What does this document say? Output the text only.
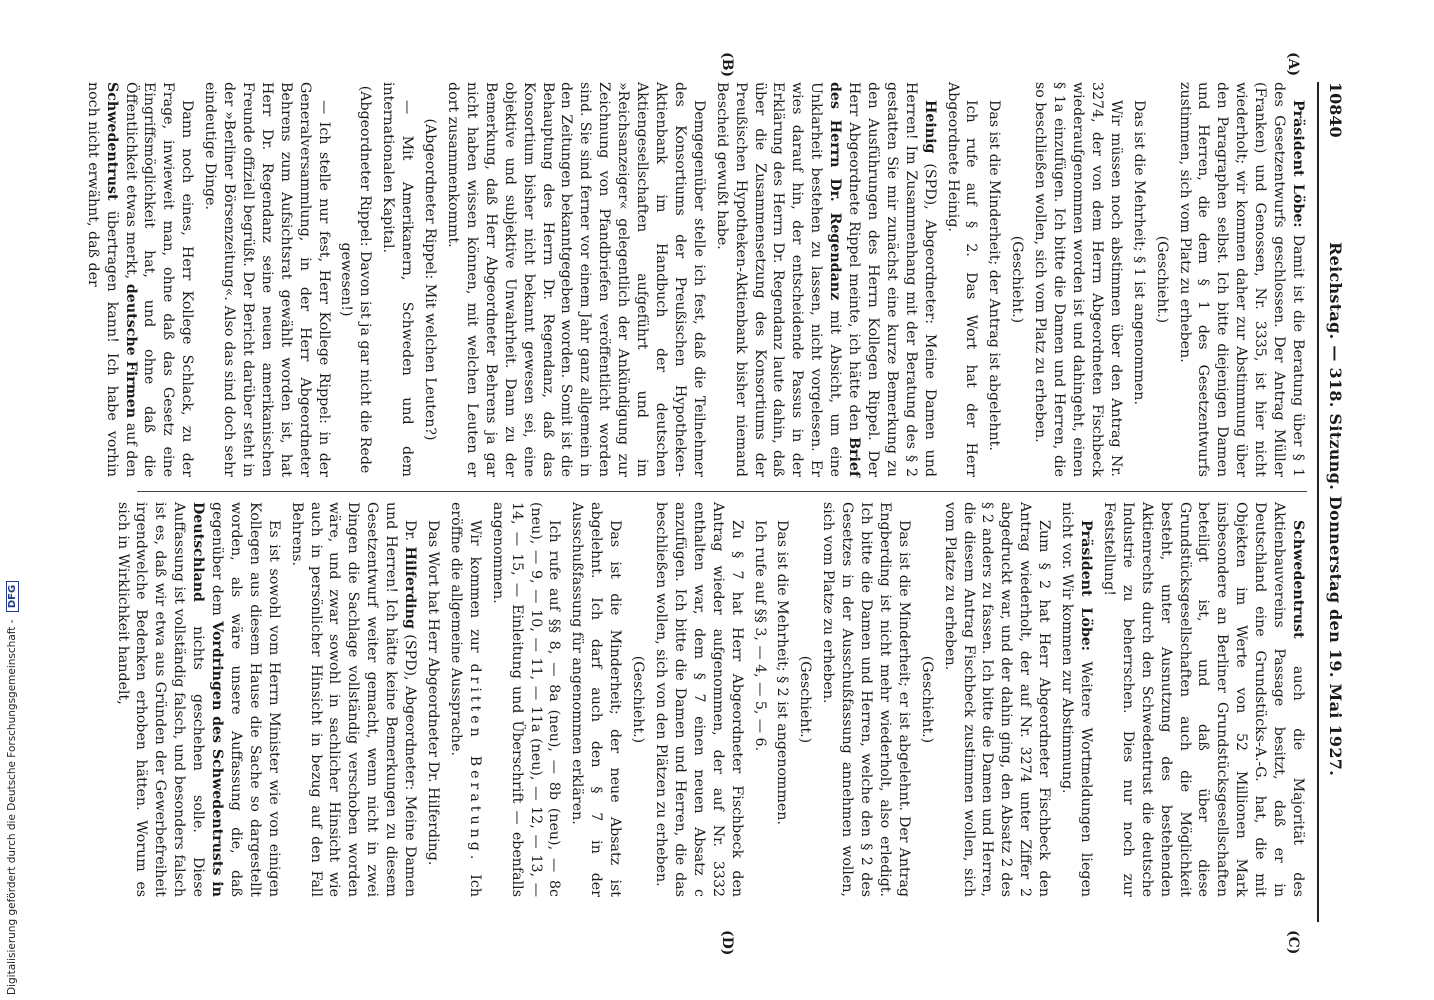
10840
Reichstag. — 318. Sitzung. Donnerstag den 19. Mai 1927.
(A)
(B)
(C)
(D)

Präsident Löbe: Damit ist die Beratung über § 1 des Gesetzentwurfs geschlossen. Der Antrag Müller (Franken) und Genossen, Nr. 3335, ist hier nicht wiederholt; wir kommen daher zur Abstimmung über den Paragraphen selbst. Ich bitte diejenigen Damen und Herren, die dem § 1 des Gesetzentwurfs zustimmen, sich vom Platz zu erheben.

(Geschieht.)

Das ist die Mehrheit; § 1 ist angenommen.

Wir müssen noch abstimmen über den Antrag Nr. 3274, der von dem Herrn Abgeordneten Fischbeck wiederaufgenommen worden ist und dahingeht, einen § 1a einzufügen. Ich bitte die Damen und Herren, die so beschließen wollen, sich vom Platz zu erheben.

(Geschieht.)

Das ist die Minderheit; der Antrag ist abgelehnt.

Ich rufe auf § 2. Das Wort hat der Herr Abgeordnete Heinig.

Heinig (SPD), Abgeordneter: Meine Damen und Herren! Im Zusammenhang mit der Beratung des § 2 gestatten Sie mir zunächst eine kurze Bemerkung zu den Ausführungen des Herrn Kollegen Rippel. Der Herr Abgeordnete Rippel meinte, ich hätte den Brief des Herrn Dr. Regendanz mit Absicht, um eine Unklarheit bestehen zu lassen, nicht vorgelesen. Er wies darauf hin, der entscheidende Passus in der Erklärung des Herrn Dr. Regendanz laute dahin, daß über die Zusammensetzung des Konsortiums der Preußischen Hypotheken-Aktienbank bisher niemand Bescheid gewußt habe.

Demgegenüber stelle ich fest, daß die Teilnehmer des Konsortiums der Preußischen Hypotheken-Aktienbank im Handbuch der deutschen Aktiengesellschaften aufgeführt und im »Reichsanzeiger« gelegentlich der Ankündigung zur Zeichnung von Pfandbriefen veröffentlicht worden sind. Sie sind ferner vor einem Jahr ganz allgemein in den Zeitungen bekanntgegeben worden. Somit ist die Behauptung des Herrn Dr. Regendanz, daß das Konsortium bisher nicht bekannt gewesen sei, eine objektive und subjektive Unwahrheit. Dann zu der Bemerkung, daß Herr Abgeordneter Behrens ja gar nicht haben wissen können, mit welchen Leuten er dort zusammenkommt.

(Abgeordneter Rippel: Mit welchen Leuten?)

— Mit Amerikanern, Schweden und dem internationalen Kapital.

(Abgeordneter Rippel: Davon ist ja gar nicht die Rede gewesen!)

— Ich stelle nur fest, Herr Kollege Rippel: in der Generalversammlung, in der Herr Abgeordneter Behrens zum Aufsichtsrat gewählt worden ist, hat Herr Dr. Regendanz seine neuen amerikanischen Freunde offiziell begrüßt. Der Bericht darüber steht in der »Berliner Börsenzeitung«. Also das sind doch sehr eindeutige Dinge.

Dann noch eines, Herr Kollege Schlack, zu der Frage, inwieweit man, ohne daß das Gesetz eine Eingriffsmöglichkeit hat, und ohne daß die Öffentlichkeit etwas merkt, deutsche Firmen auf den Schwedentrust übertragen kann! Ich habe vorhin noch nicht erwähnt, daß der

Schwedentrust auch die Majorität des Aktienbauvereins Passage besitzt, daß er in Deutschland eine Grundstücks-A.-G. hat, die mit Objekten im Werte von 52 Millionen Mark insbesondere an Berliner Grundstücksgesellschaften beteiligt ist, und daß über diese Grundstücksgesellschaften auch die Möglichkeit besteht, unter Ausnutzung des bestehenden Aktienrechts durch den Schwedentrust die deutsche Industrie zu beherrschen. Dies nur noch zur Feststellung!

Präsident Löbe: Weitere Wortmeldungen liegen nicht vor. Wir kommen zur Abstimmung.

Zum § 2 hat Herr Abgeordneter Fischbeck den Antrag wiederholt, der auf Nr. 3274 unter Ziffer 2 abgedruckt war, und der dahin ging, den Absatz 2 des § 2 anders zu fassen. Ich bitte die Damen und Herren, die diesem Antrag Fischbeck zustimmen wollen, sich vom Platze zu erheben.

(Geschieht.)

Das ist die Minderheit; er ist abgelehnt. Der Antrag Engberding ist nicht mehr wiederholt, also erledigt. Ich bitte die Damen und Herren, welche den § 2 des Gesetzes in der Ausschußfassung annehmen wollen, sich vom Platze zu erheben.

(Geschieht.)

Das ist die Mehrheit; § 2 ist angenommen.

Ich rufe auf §§ 3, — 4, — 5, — 6.

Zu § 7 hat Herr Abgeordneter Fischbeck den Antrag wieder aufgenommen, der auf Nr. 3332 enthalten war, dem § 7 einen neuen Absatz c anzufügen. Ich bitte die Damen und Herren, die das beschließen wollen, sich von den Plätzen zu erheben.

(Geschieht.)

Das ist die Minderheit; der neue Absatz ist abgelehnt. Ich darf auch den § 7 in der Ausschußfassung für angenommen erklären.

Ich rufe auf §§ 8, — 8a (neu), — 8b (neu), — 8c (neu), — 9, — 10, — 11, — 11a (neu), — 12, — 13, — 14, — 15, — Einleitung und Überschrift — ebenfalls angenommen.

Wir kommen zur dritten Beratung. Ich eröffne die allgemeine Aussprache.

Das Wort hat Herr Abgeordneter Dr. Hilferding.

Dr. Hilferding (SPD), Abgeordneter: Meine Damen und Herren! Ich hätte keine Bemerkungen zu diesem Gesetzentwurf weiter gemacht, wenn nicht in zwei Dingen die Sachlage vollständig verschoben worden wäre, und zwar sowohl in sachlicher Hinsicht wie auch in persönlicher Hinsicht in bezug auf den Fall Behrens.

Es ist sowohl vom Herrn Minister wie von einigen Kollegen aus diesem Hause die Sache so dargestellt worden, als wäre unsere Auffassung die, daß gegenüber dem Vordringen des Schwedentrusts in Deutschland nichts geschehen solle. Diese Auffassung ist vollständig falsch, und besonders falsch ist es, daß wir etwa aus Gründen der Gewerbefreiheit irgendwelche Bedenken erhoben hätten. Worum es sich in Wirklichkeit handelt,

Digitalisierung gefördert durch die Deutsche Forschungsgemeinschaft - DFG
